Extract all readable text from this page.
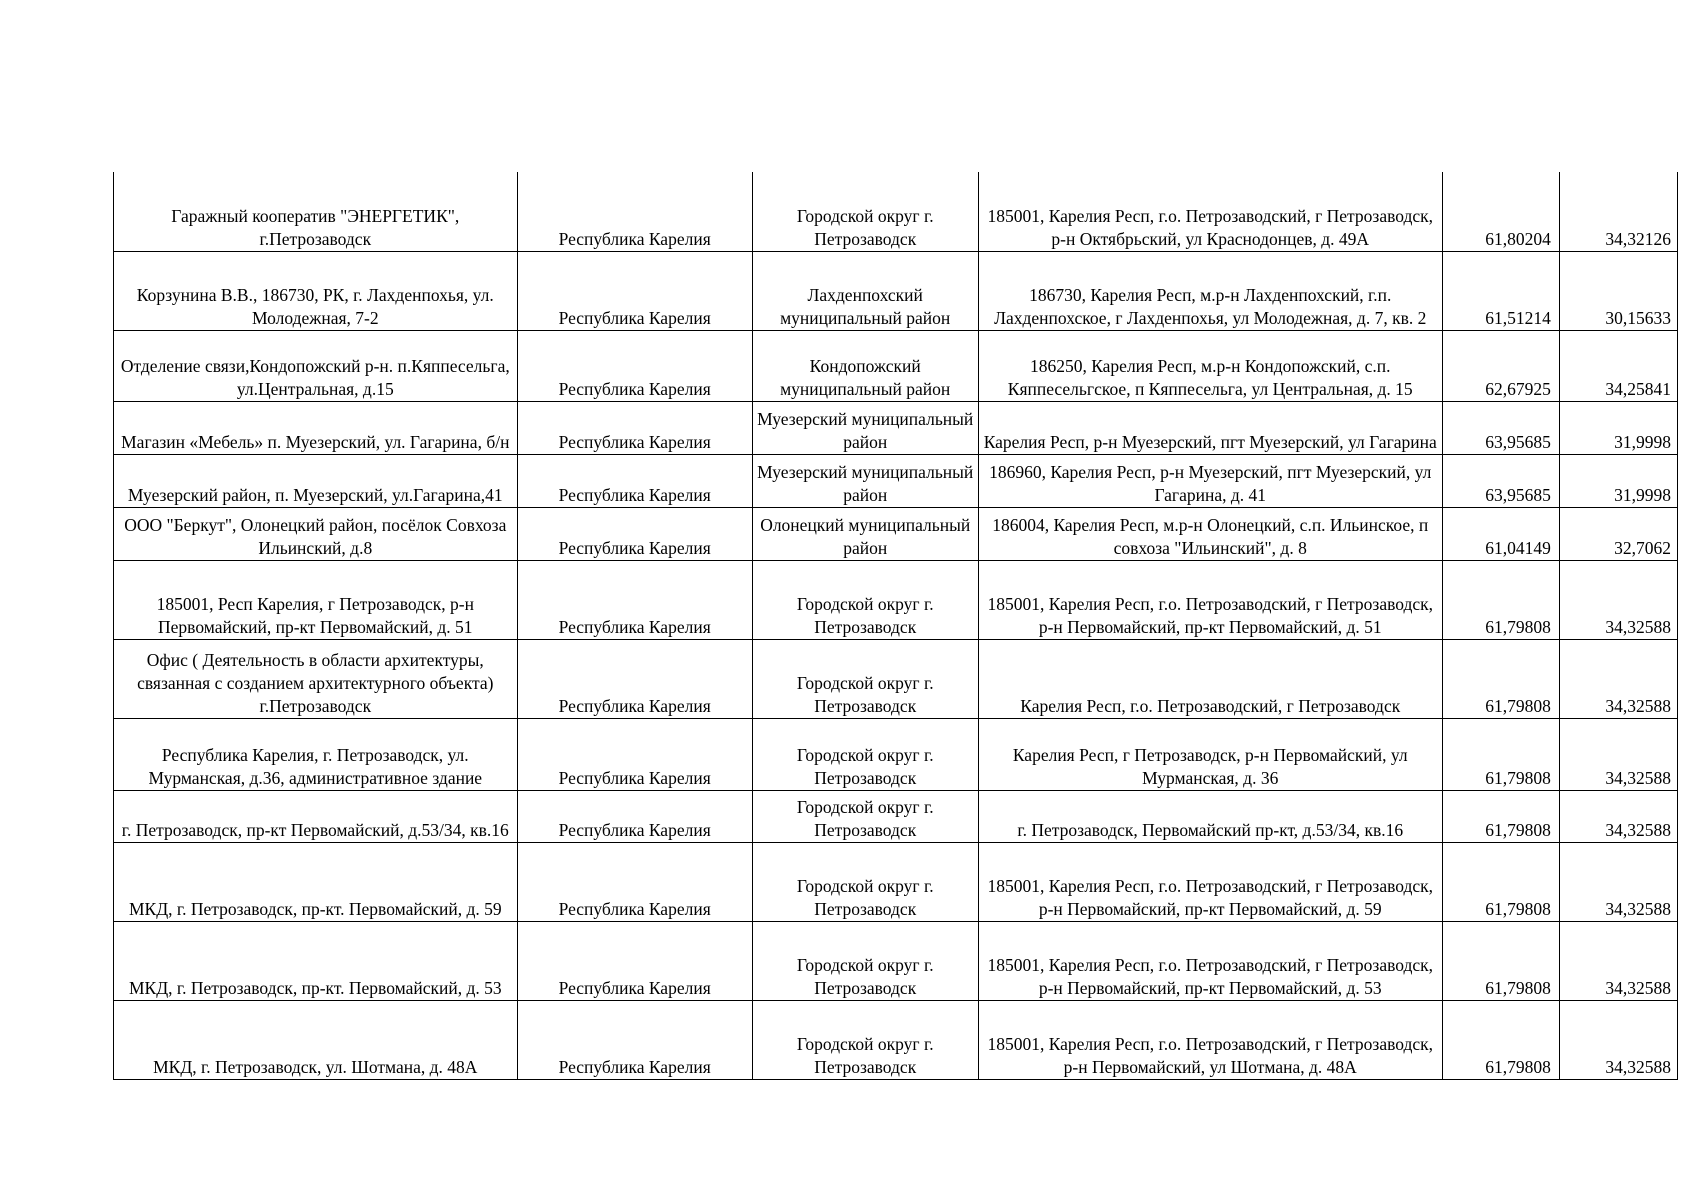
Гаражный кооператив "ЭНЕРГЕТИК", г.Петрозаводск	Республика Карелия	Городской округ г. Петрозаводск	185001, Карелия Респ, г.о. Петрозаводский, г Петрозаводск, р-н Октябрьский, ул Краснодонцев, д. 49А	61,80204	34,32126
Корзунина В.В., 186730, РК, г. Лахденпохья, ул. Молодежная, 7-2	Республика Карелия	Лахденпохский муниципальный район	186730, Карелия Респ, м.р-н Лахденпохский, г.п. Лахденпохское, г Лахденпохья, ул Молодежная, д. 7, кв. 2	61,51214	30,15633
Отделение связи,Кондопожский р-н. п.Кяппесельга, ул.Центральная, д.15	Республика Карелия	Кондопожский муниципальный район	186250, Карелия Респ, м.р-н Кондопожский, с.п. Кяппесельгское, п Кяппесельга, ул Центральная, д. 15	62,67925	34,25841
Магазин «Мебель» п. Муезерский, ул. Гагарина, б/н	Республика Карелия	Муезерский муниципальный район	Карелия Респ, р-н Муезерский, пгт Муезерский, ул Гагарина	63,95685	31,9998
Муезерский район, п. Муезерский, ул.Гагарина,41	Республика Карелия	Муезерский муниципальный район	186960, Карелия Респ, р-н Муезерский, пгт Муезерский, ул Гагарина, д. 41	63,95685	31,9998
ООО "Беркут", Олонецкий район, посёлок Совхоза Ильинский, д.8	Республика Карелия	Олонецкий муниципальный район	186004, Карелия Респ, м.р-н Олонецкий, с.п. Ильинское, п совхоза "Ильинский", д. 8	61,04149	32,7062
185001, Респ Карелия, г Петрозаводск, р-н Первомайский, пр-кт Первомайский, д. 51	Республика Карелия	Городской округ г. Петрозаводск	185001, Карелия Респ, г.о. Петрозаводский, г Петрозаводск, р-н Первомайский, пр-кт Первомайский, д. 51	61,79808	34,32588
Офис ( Деятельность в области архитектуры, связанная с созданием архитектурного объекта) г.Петрозаводск	Республика Карелия	Городской округ г. Петрозаводск	Карелия Респ, г.о. Петрозаводский, г Петрозаводск	61,79808	34,32588
Республика Карелия, г. Петрозаводск, ул. Мурманская, д.36, административное здание	Республика Карелия	Городской округ г. Петрозаводск	Карелия Респ, г Петрозаводск, р-н Первомайский, ул Мурманская, д. 36	61,79808	34,32588
г. Петрозаводск, пр-кт Первомайский, д.53/34, кв.16	Республика Карелия	Городской округ г. Петрозаводск	г. Петрозаводск, Первомайский пр-кт, д.53/34, кв.16	61,79808	34,32588
МКД, г. Петрозаводск, пр-кт. Первомайский, д. 59	Республика Карелия	Городской округ г. Петрозаводск	185001, Карелия Респ, г.о. Петрозаводский, г Петрозаводск, р-н Первомайский, пр-кт Первомайский, д. 59	61,79808	34,32588
МКД, г. Петрозаводск, пр-кт. Первомайский, д. 53	Республика Карелия	Городской округ г. Петрозаводск	185001, Карелия Респ, г.о. Петрозаводский, г Петрозаводск, р-н Первомайский, пр-кт Первомайский, д. 53	61,79808	34,32588
МКД, г. Петрозаводск, ул. Шотмана, д. 48А	Республика Карелия	Городской округ г. Петрозаводск	185001, Карелия Респ, г.о. Петрозаводский, г Петрозаводск, р-н Первомайский, ул Шотмана, д. 48А	61,79808	34,32588
